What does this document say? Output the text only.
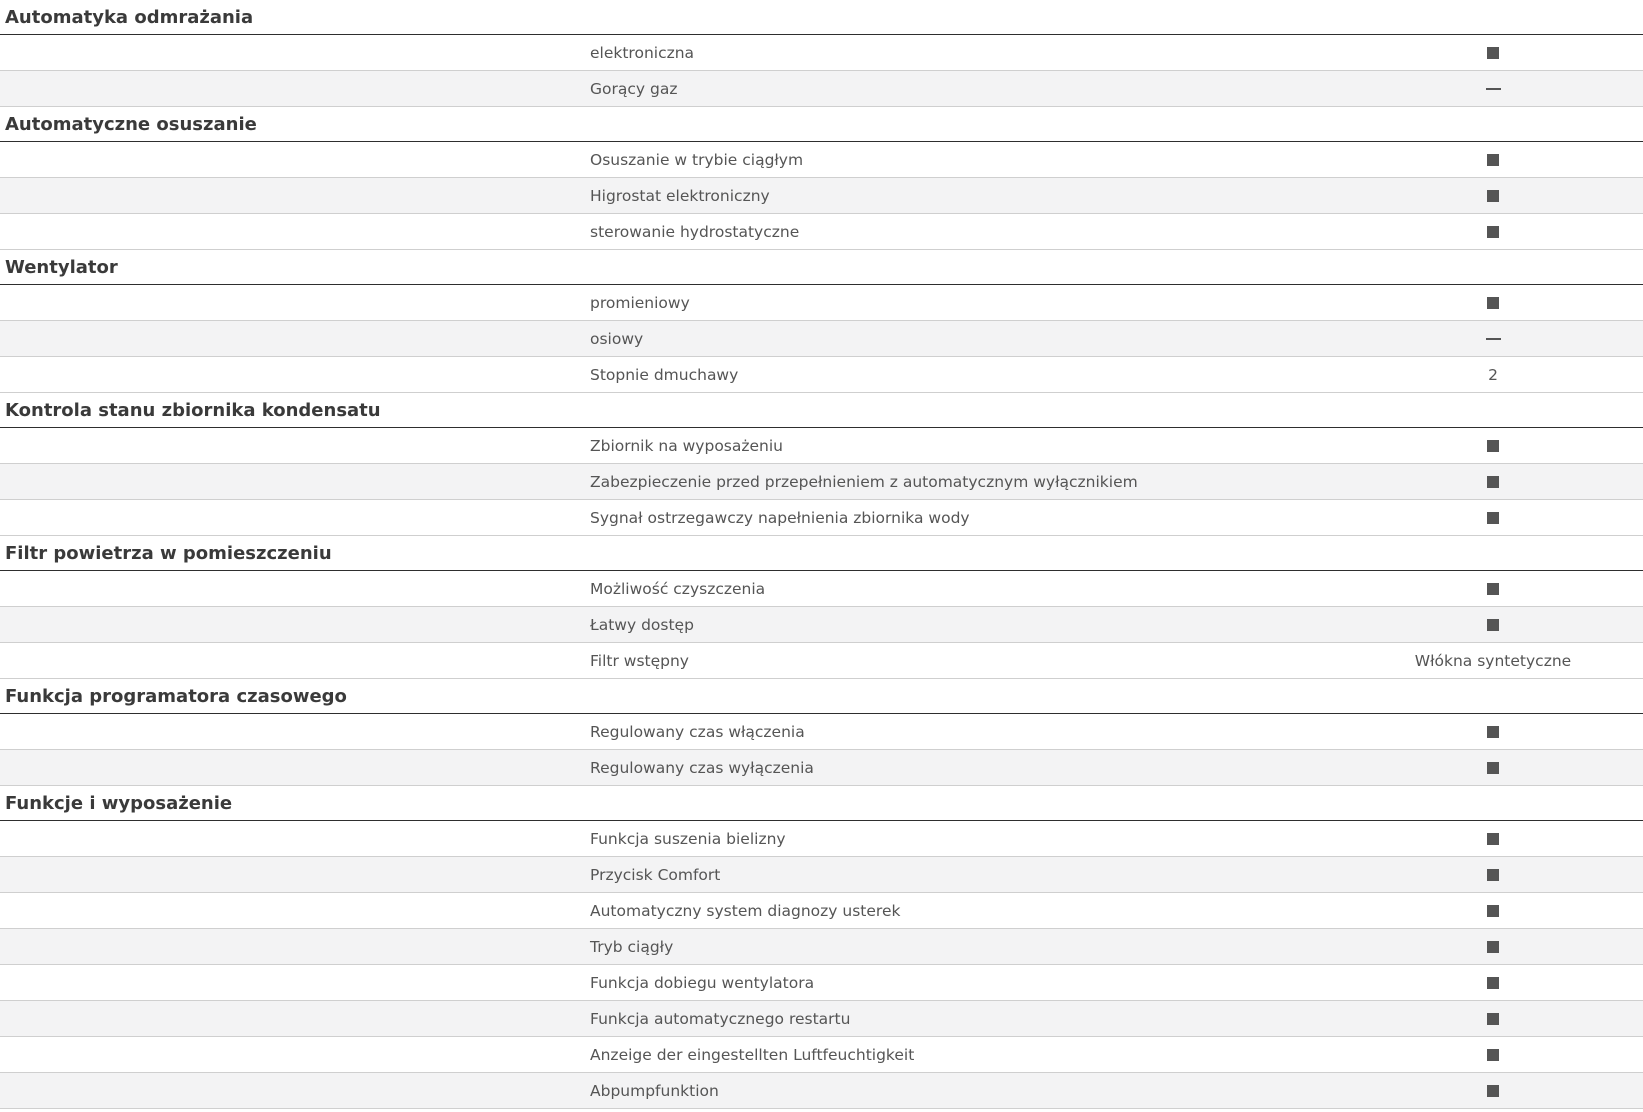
Automatyka odmrażania
elektroniczna
Gorący gaz
Automatyczne osuszanie
Osuszanie w trybie ciągłym
Higrostat elektroniczny
sterowanie hydrostatyczne
Wentylator
promieniowy
osiowy
Stopnie dmuchawy	2
Kontrola stanu zbiornika kondensatu
Zbiornik na wyposażeniu
Zabezpieczenie przed przepełnieniem z automatycznym wyłącznikiem
Sygnał ostrzegawczy napełnienia zbiornika wody
Filtr powietrza w pomieszczeniu
Możliwość czyszczenia
Łatwy dostęp
Filtr wstępny	Włókna syntetyczne
Funkcja programatora czasowego
Regulowany czas włączenia
Regulowany czas wyłączenia
Funkcje i wyposażenie
Funkcja suszenia bielizny
Przycisk Comfort
Automatyczny system diagnozy usterek
Tryb ciągły
Funkcja dobiegu wentylatora
Funkcja automatycznego restartu
Anzeige der eingestellten Luftfeuchtigkeit
Abpumpfunktion
